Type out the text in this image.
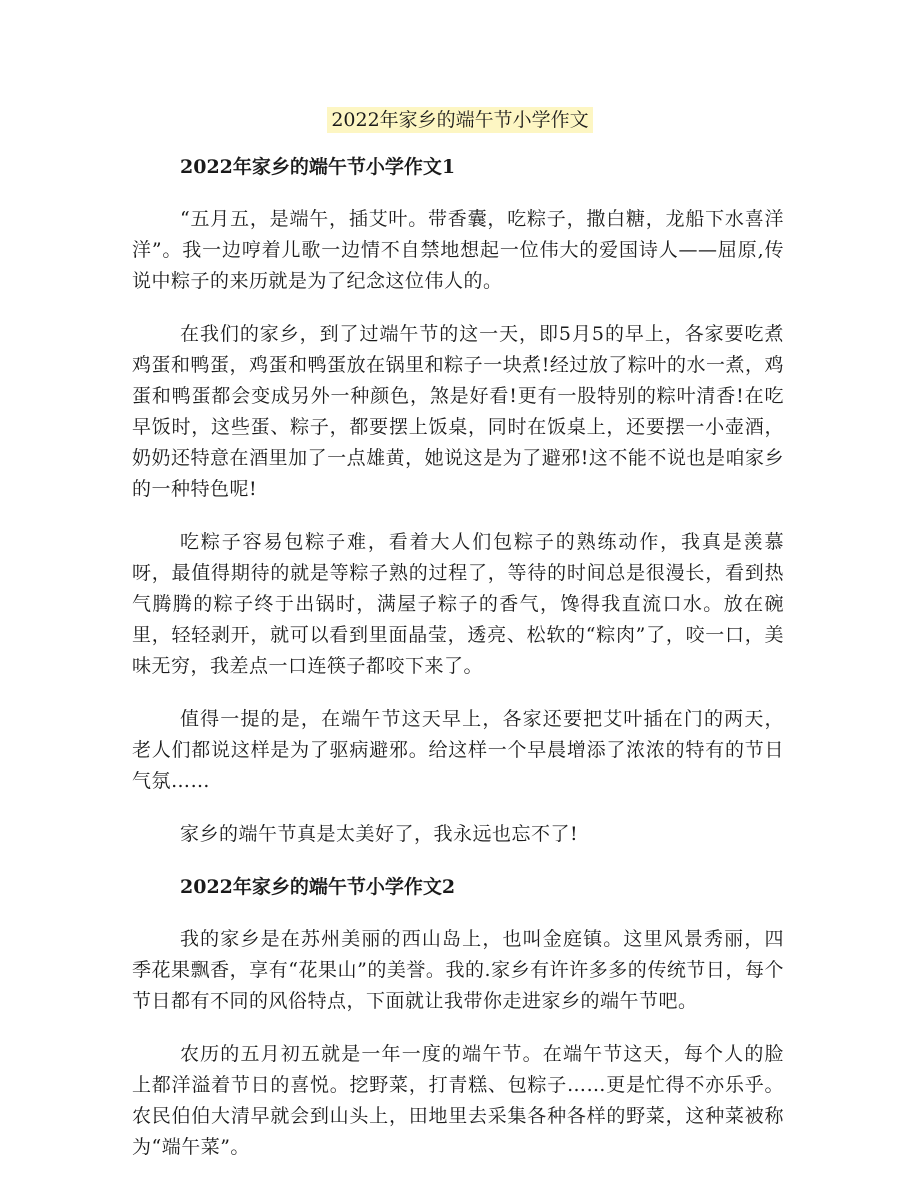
2022年家乡的端午节小学作文
2022年家乡的端午节小学作文1

“五月五，是端午，插艾叶。带香囊，吃粽子，撒白糖，龙船下水喜洋洋”。我一边哼着儿歌一边情不自禁地想起一位伟大的爱国诗人——屈原,传说中粽子的来历就是为了纪念这位伟人的。

在我们的家乡，到了过端午节的这一天，即5月5的早上，各家要吃煮鸡蛋和鸭蛋，鸡蛋和鸭蛋放在锅里和粽子一块煮!经过放了粽叶的水一煮，鸡蛋和鸭蛋都会变成另外一种颜色，煞是好看!更有一股特别的粽叶清香!在吃早饭时，这些蛋、粽子，都要摆上饭桌，同时在饭桌上，还要摆一小壶酒，奶奶还特意在酒里加了一点雄黄，她说这是为了避邪!这不能不说也是咱家乡的一种特色呢!

吃粽子容易包粽子难，看着大人们包粽子的熟练动作，我真是羡慕呀，最值得期待的就是等粽子熟的过程了，等待的时间总是很漫长，看到热气腾腾的粽子终于出锅时，满屋子粽子的香气，馋得我直流口水。放在碗里，轻轻剥开，就可以看到里面晶莹，透亮、松软的“粽肉”了，咬一口，美味无穷，我差点一口连筷子都咬下来了。

值得一提的是，在端午节这天早上，各家还要把艾叶插在门的两天，老人们都说这样是为了驱病避邪。给这样一个早晨增添了浓浓的特有的节日气氛……

家乡的端午节真是太美好了，我永远也忘不了!

2022年家乡的端午节小学作文2

我的家乡是在苏州美丽的西山岛上，也叫金庭镇。这里风景秀丽，四季花果飘香，享有“花果山”的美誉。我的.家乡有许许多多的传统节日，每个节日都有不同的风俗特点，下面就让我带你走进家乡的端午节吧。

农历的五月初五就是一年一度的端午节。在端午节这天，每个人的脸上都洋溢着节日的喜悦。挖野菜，打青糕、包粽子……更是忙得不亦乐乎。农民伯伯大清早就会到山头上，田地里去采集各种各样的野菜，这种菜被称为“端午菜”。
